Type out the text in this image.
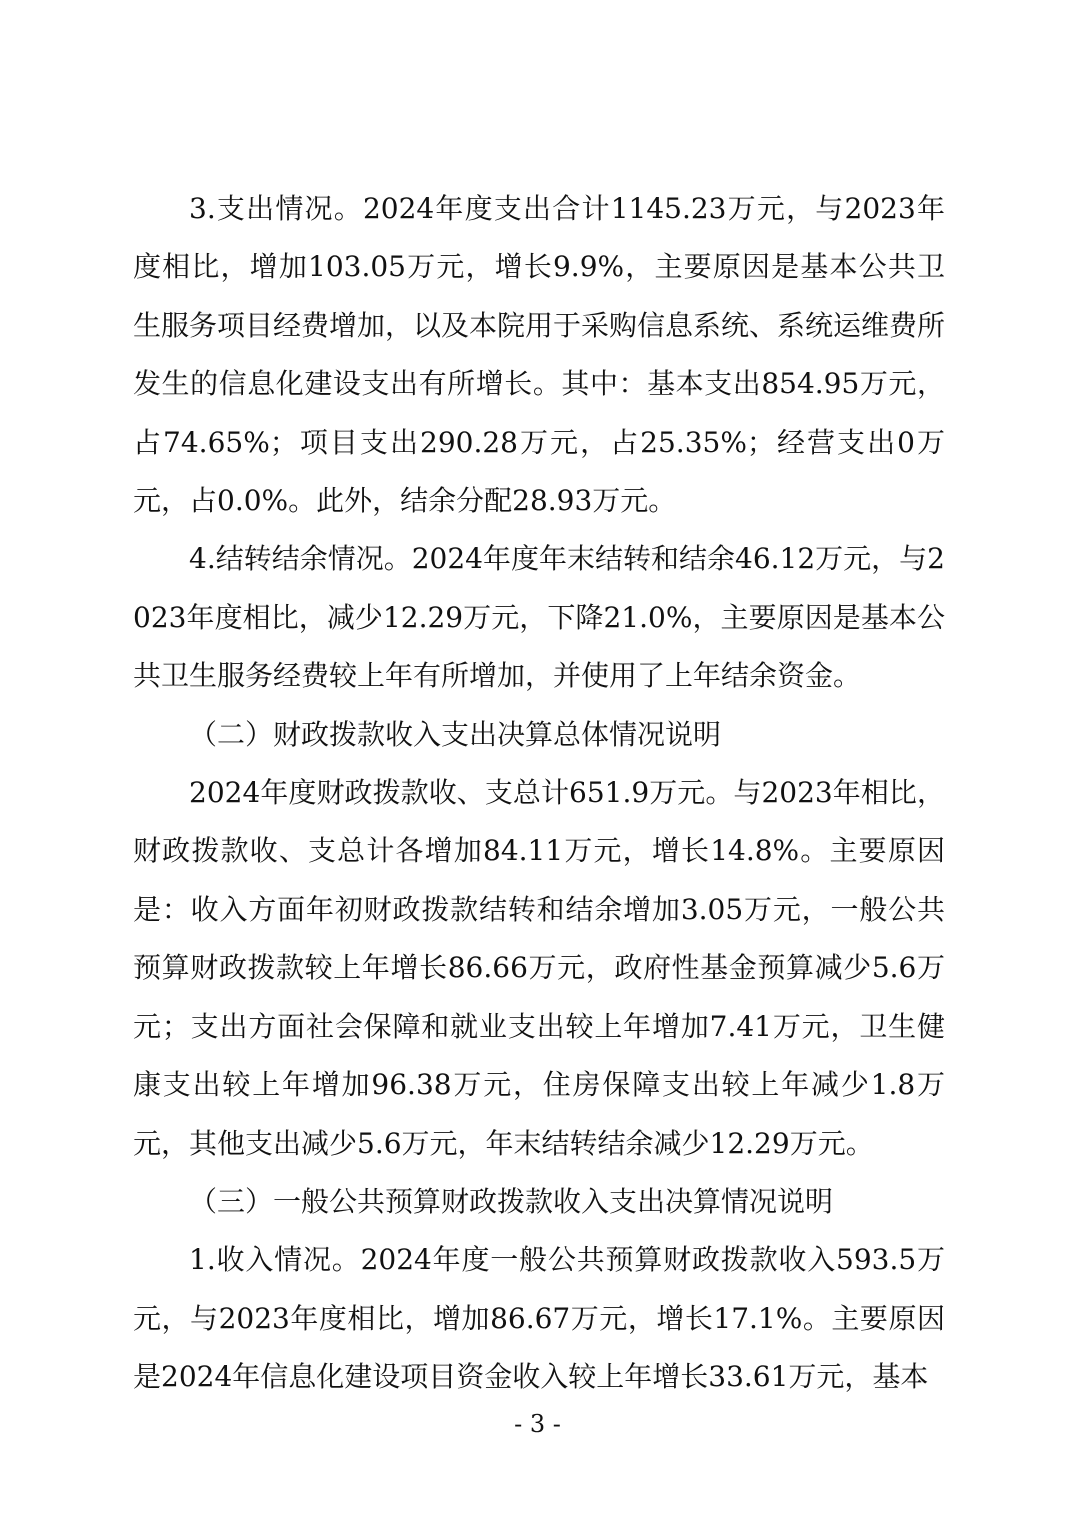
3.支出情况。2024年度支出合计1145.23万元，与2023年度相比，增加103.05万元，增长9.9%，主要原因是基本公共卫生服务项目经费增加，以及本院用于采购信息系统、系统运维费所发生的信息化建设支出有所增长。其中：基本支出854.95万元，占74.65%；项目支出290.28万元，占25.35%；经营支出0万元，占0.0%。此外，结余分配28.93万元。

4.结转结余情况。2024年度年末结转和结余46.12万元，与2023年度相比，减少12.29万元，下降21.0%，主要原因是基本公共卫生服务经费较上年有所增加，并使用了上年结余资金。

（二）财政拨款收入支出决算总体情况说明

2024年度财政拨款收、支总计651.9万元。与2023年相比，财政拨款收、支总计各增加84.11万元，增长14.8%。主要原因是：收入方面年初财政拨款结转和结余增加3.05万元，一般公共预算财政拨款较上年增长86.66万元，政府性基金预算减少5.6万元；支出方面社会保障和就业支出较上年增加7.41万元，卫生健康支出较上年增加96.38万元，住房保障支出较上年减少1.8万元，其他支出减少5.6万元，年末结转结余减少12.29万元。

（三）一般公共预算财政拨款收入支出决算情况说明

1.收入情况。2024年度一般公共预算财政拨款收入593.5万元，与2023年度相比，增加86.67万元，增长17.1%。主要原因是2024年信息化建设项目资金收入较上年增长33.61万元，基本

- 3 -
